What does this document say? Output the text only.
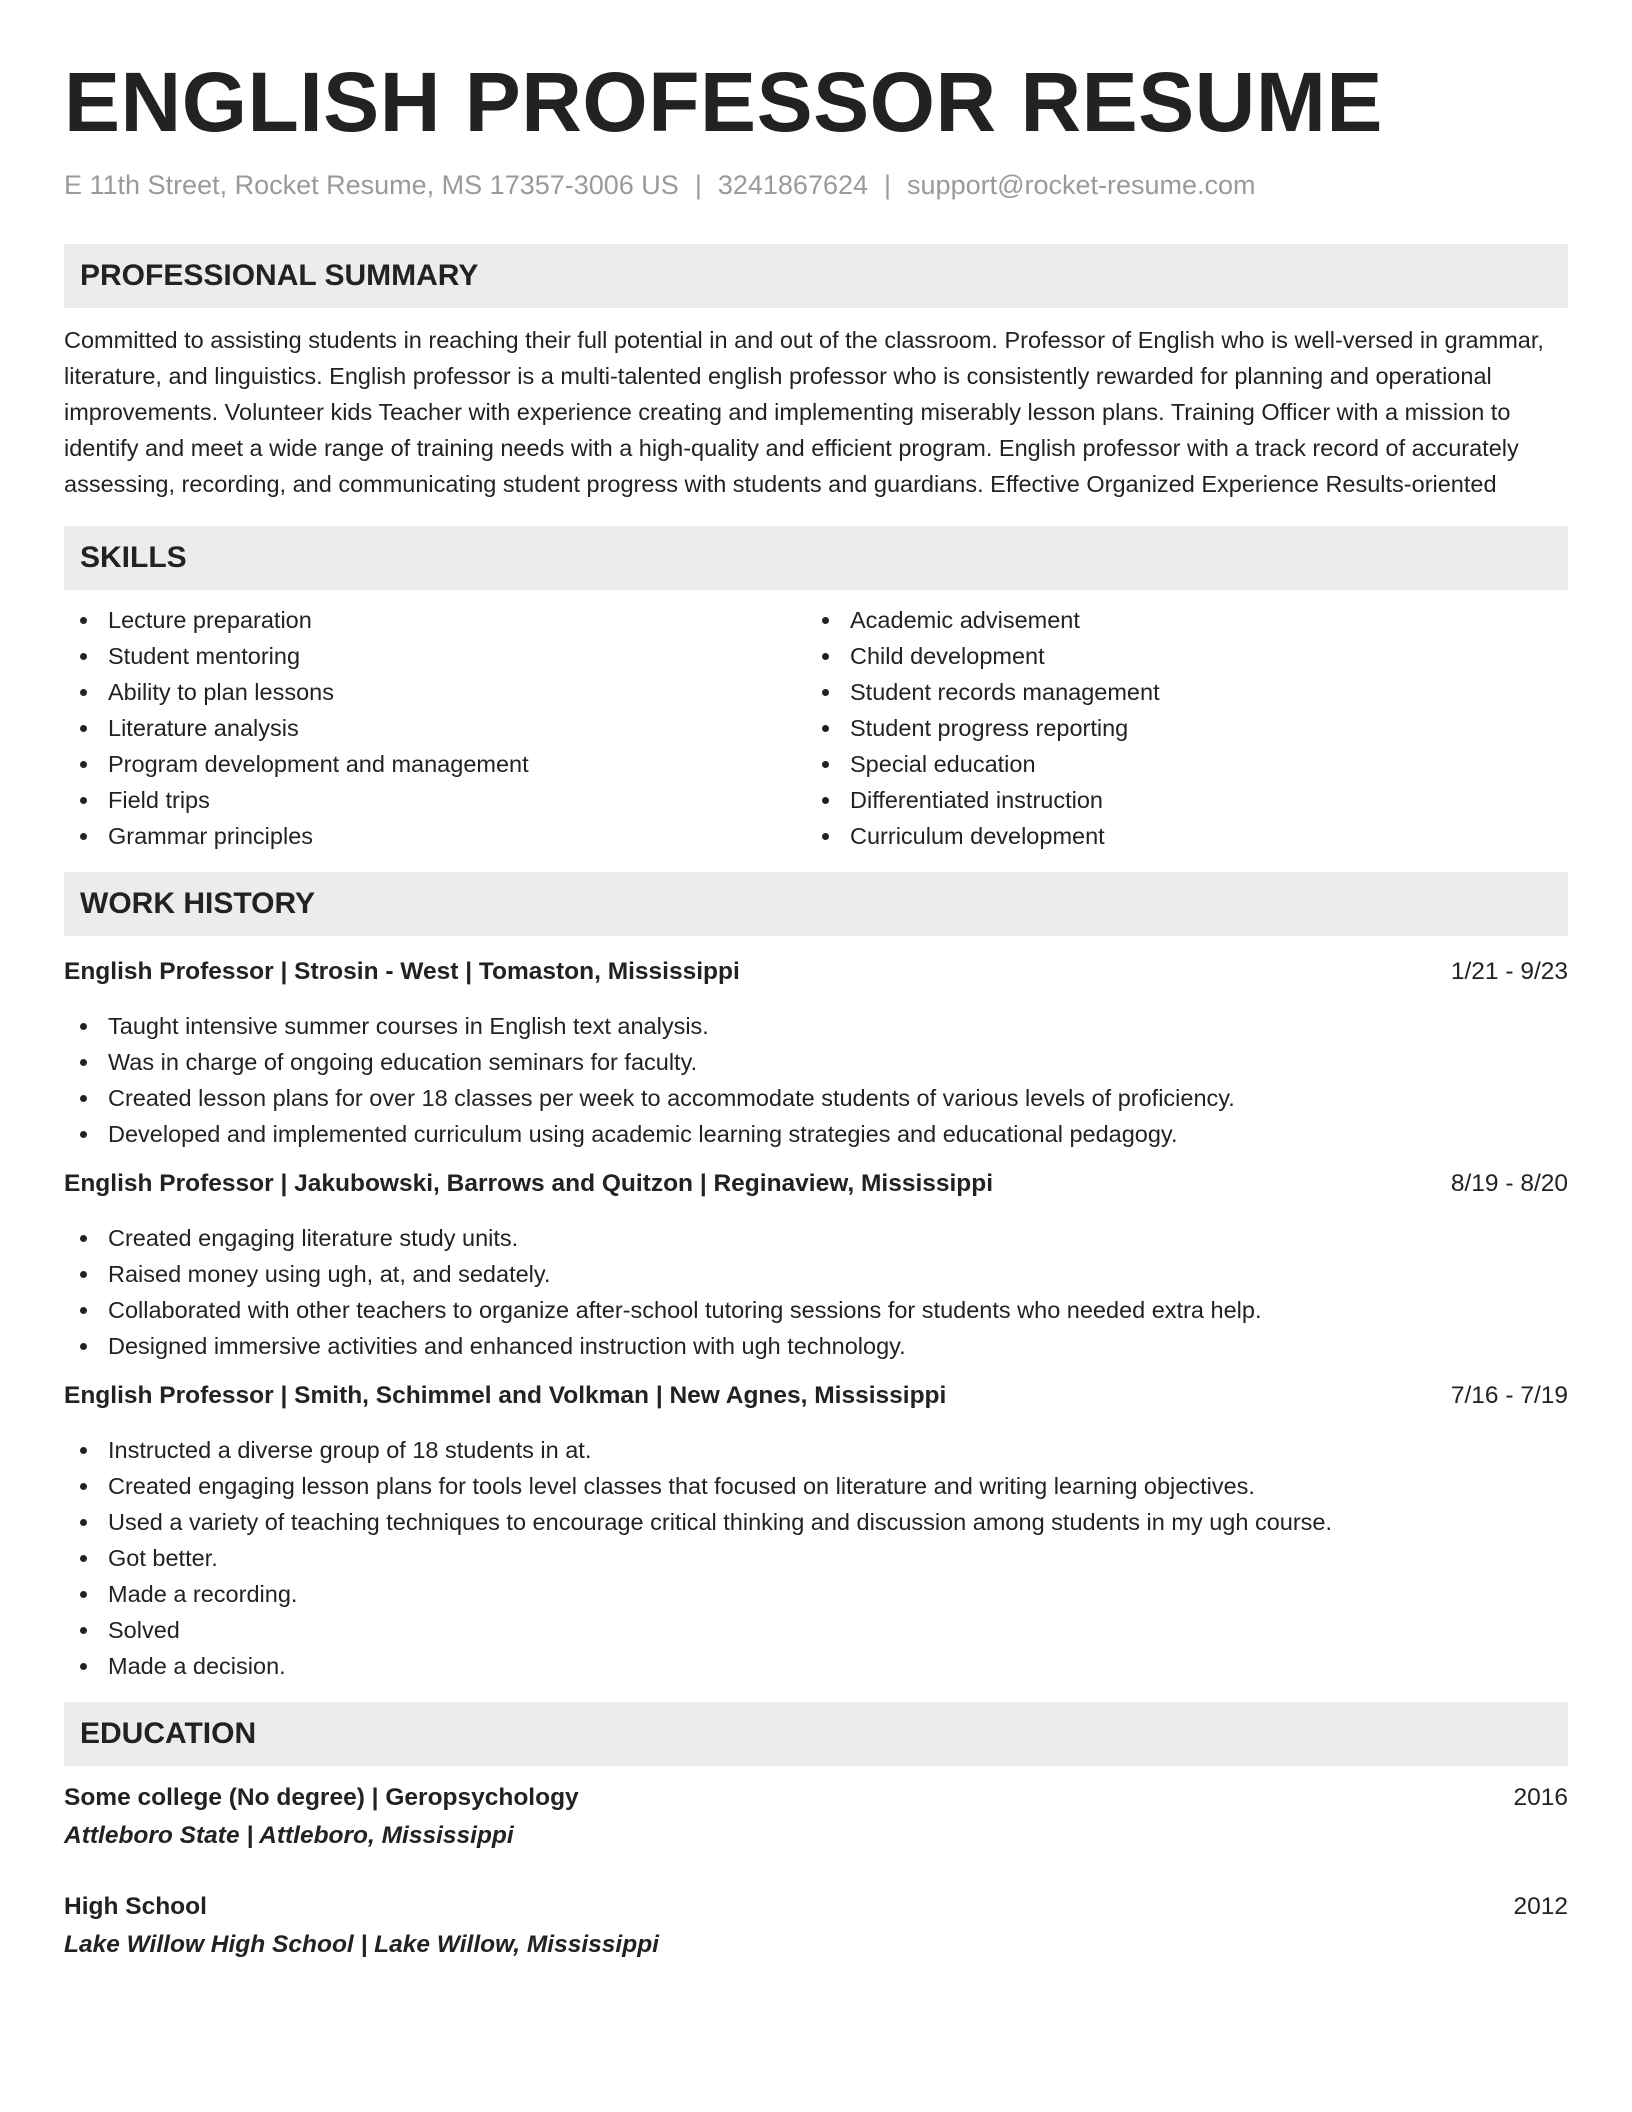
ENGLISH PROFESSOR RESUME
E 11th Street, Rocket Resume, MS 17357-3006 US | 3241867624 | support@rocket-resume.com
PROFESSIONAL SUMMARY

Committed to assisting students in reaching their full potential in and out of the classroom. Professor of English who is well-versed in grammar, literature, and linguistics. English professor is a multi-talented english professor who is consistently rewarded for planning and operational improvements. Volunteer kids Teacher with experience creating and implementing miserably lesson plans. Training Officer with a mission to identify and meet a wide range of training needs with a high-quality and efficient program. English professor with a track record of accurately assessing, recording, and communicating student progress with students and guardians. Effective Organized Experience Results-oriented

SKILLS
Lecture preparation
Student mentoring
Ability to plan lessons
Literature analysis
Program development and management
Field trips
Grammar principles
Academic advisement
Child development
Student records management
Student progress reporting
Special education
Differentiated instruction
Curriculum development
WORK HISTORY
English Professor | Strosin - West | Tomaston, Mississippi	1/21 - 9/23
Taught intensive summer courses in English text analysis.
Was in charge of ongoing education seminars for faculty.
Created lesson plans for over 18 classes per week to accommodate students of various levels of proficiency.
Developed and implemented curriculum using academic learning strategies and educational pedagogy.
English Professor | Jakubowski, Barrows and Quitzon | Reginaview, Mississippi	8/19 - 8/20
Created engaging literature study units.
Raised money using ugh, at, and sedately.
Collaborated with other teachers to organize after-school tutoring sessions for students who needed extra help.
Designed immersive activities and enhanced instruction with ugh technology.
English Professor | Smith, Schimmel and Volkman | New Agnes, Mississippi	7/16 - 7/19
Instructed a diverse group of 18 students in at.
Created engaging lesson plans for tools level classes that focused on literature and writing learning objectives.
Used a variety of teaching techniques to encourage critical thinking and discussion among students in my ugh course.
Got better.
Made a recording.
Solved
Made a decision.
EDUCATION
Some college (No degree) | Geropsychology	2016
Attleboro State | Attleboro, Mississippi
High School	2012
Lake Willow High School | Lake Willow, Mississippi
